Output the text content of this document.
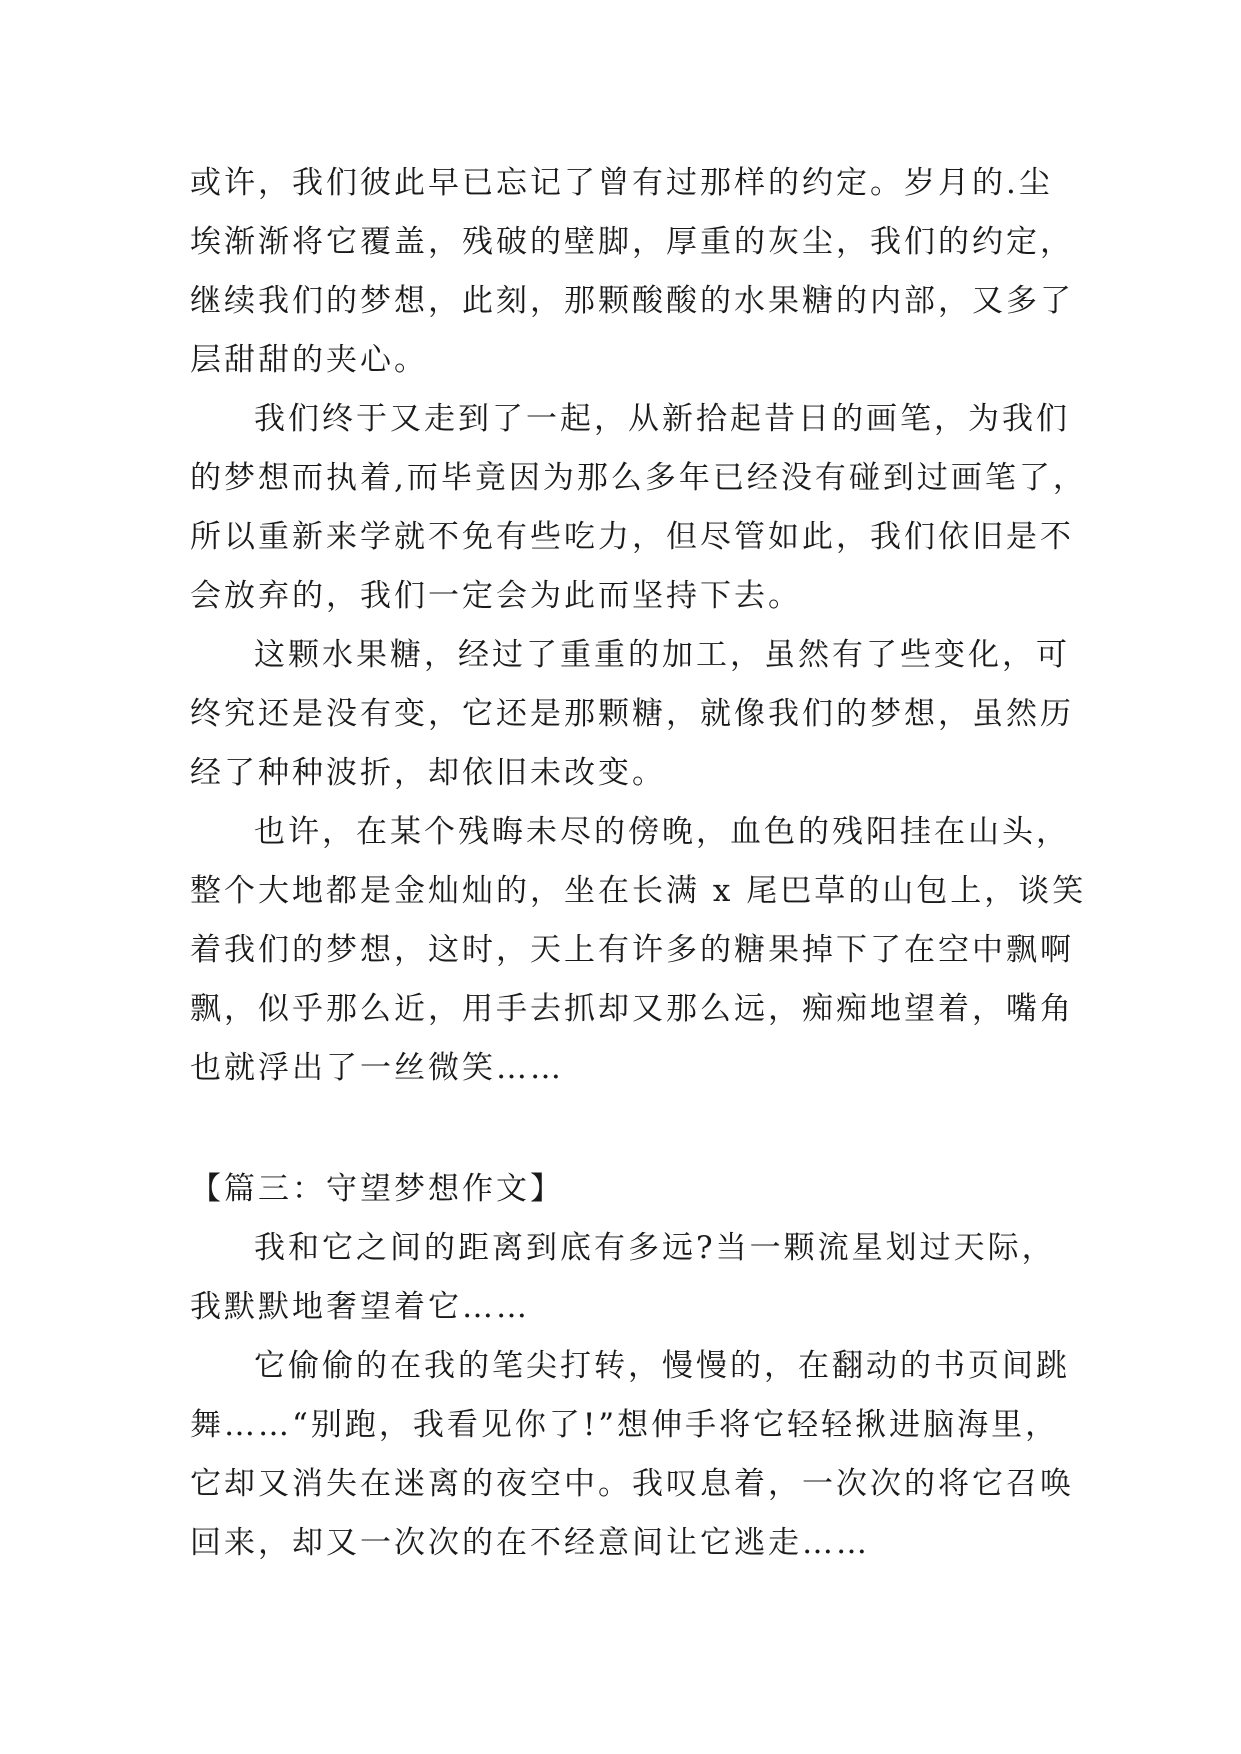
或许，我们彼此早已忘记了曾有过那样的约定。岁月的.尘
埃渐渐将它覆盖，残破的壁脚，厚重的灰尘，我们的约定，
继续我们的梦想，此刻，那颗酸酸的水果糖的内部，又多了
层甜甜的夹心。
我们终于又走到了一起，从新拾起昔日的画笔，为我们
的梦想而执着,而毕竟因为那么多年已经没有碰到过画笔了，
所以重新来学就不免有些吃力，但尽管如此，我们依旧是不
会放弃的，我们一定会为此而坚持下去。
这颗水果糖，经过了重重的加工，虽然有了些变化，可
终究还是没有变，它还是那颗糖，就像我们的梦想，虽然历
经了种种波折，却依旧未改变。
也许，在某个残晦未尽的傍晚，血色的残阳挂在山头，
整个大地都是金灿灿的，坐在长满 x 尾巴草的山包上，谈笑
着我们的梦想，这时，天上有许多的糖果掉下了在空中飘啊
飘，似乎那么近，用手去抓却又那么远，痴痴地望着，嘴角
也就浮出了一丝微笑……
【篇三：守望梦想作文】
我和它之间的距离到底有多远?当一颗流星划过天际，
我默默地奢望着它……
它偷偷的在我的笔尖打转，慢慢的，在翻动的书页间跳
舞……“别跑，我看见你了!”想伸手将它轻轻揪进脑海里，
它却又消失在迷离的夜空中。我叹息着，一次次的将它召唤
回来，却又一次次的在不经意间让它逃走……
